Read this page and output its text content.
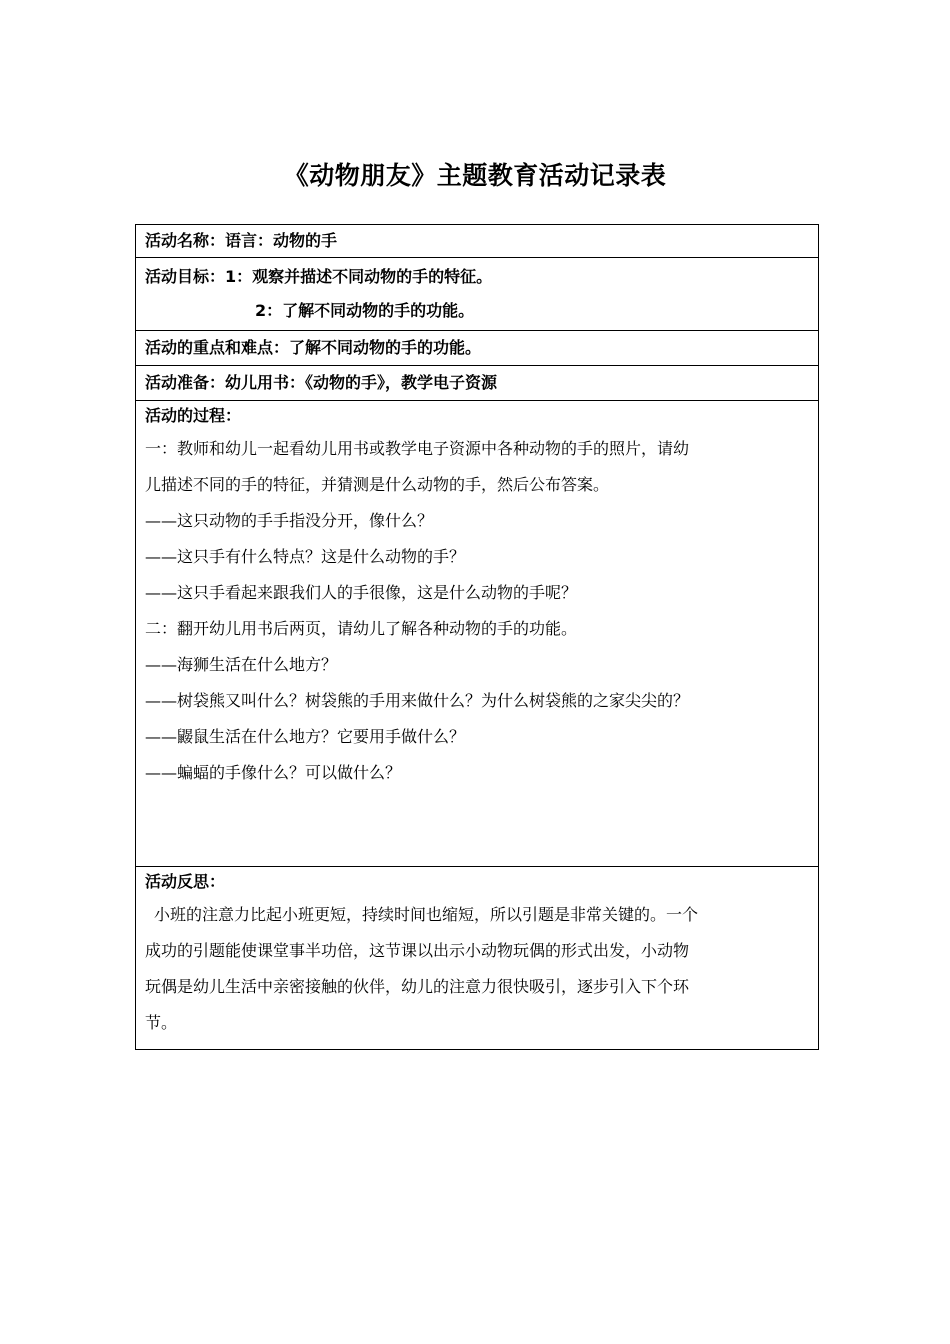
《动物朋友》主题教育活动记录表
活动名称：语言：动物的手

活动目标：1：观察并描述不同动物的手的特征。
2：了解不同动物的手的功能。

活动的重点和难点：了解不同动物的手的功能。

活动准备：幼儿用书：《动物的手》，教学电子资源

活动的过程：
一：教师和幼儿一起看幼儿用书或教学电子资源中各种动物的手的照片，请幼
儿描述不同的手的特征，并猜测是什么动物的手，然后公布答案。
——这只动物的手手指没分开，像什么？
——这只手有什么特点？这是什么动物的手？
——这只手看起来跟我们人的手很像，这是什么动物的手呢？
二：翻开幼儿用书后两页，请幼儿了解各种动物的手的功能。
——海狮生活在什么地方？
——树袋熊又叫什么？树袋熊的手用来做什么？为什么树袋熊的之家尖尖的？
——鼹鼠生活在什么地方？它要用手做什么？
——蝙蝠的手像什么？可以做什么？

活动反思：
小班的注意力比起小班更短，持续时间也缩短，所以引题是非常关键的。一个
成功的引题能使课堂事半功倍，这节课以出示小动物玩偶的形式出发，小动物
玩偶是幼儿生活中亲密接触的伙伴，幼儿的注意力很快吸引，逐步引入下个环
节。
